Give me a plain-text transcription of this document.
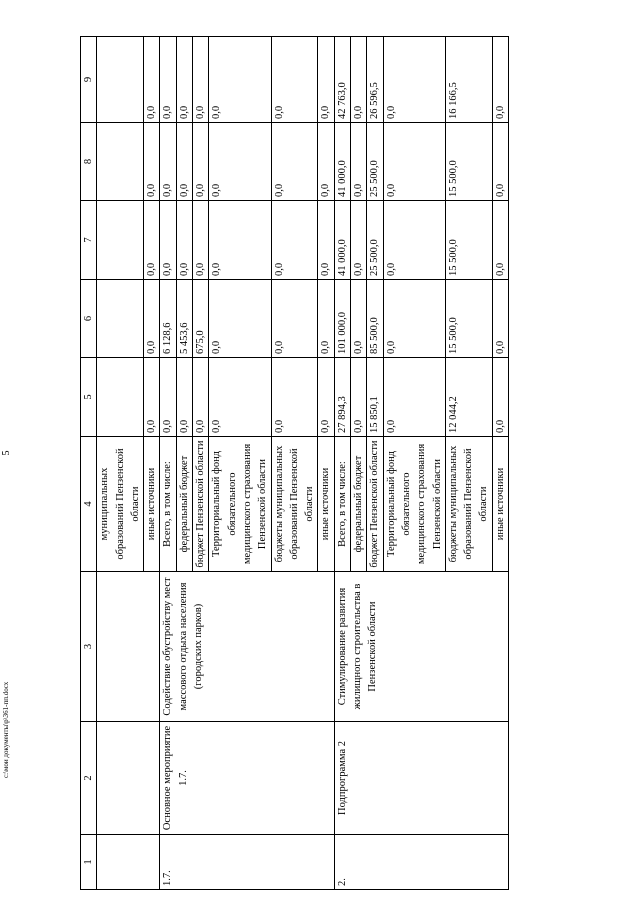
5
c:\мои документы\р\361-пп.docx
1	2	3	4	5	6	7	8	9
			муниципальных образований Пензенской области					
			иные источники	0,0	0,0	0,0	0,0	0,0
1.7.	Основное мероприятие 1.7.	Содействие обустройству мест массового отдыха населения (городских парков)	Всего, в том числе:	0,0	6 128,6	0,0	0,0	0,0
			федеральный бюджет	0,0	5 453,6	0,0	0,0	0,0
			бюджет Пензенской области	0,0	675,0	0,0	0,0	0,0
			Территориальный фонд обязательного медицинского страхования Пензенской области	0,0	0,0	0,0	0,0	0,0
			бюджеты муниципальных образований Пензенской области	0,0	0,0	0,0	0,0	0,0
			иные источники	0,0	0,0	0,0	0,0	0,0
2.	Подпрограмма 2	Стимулирование развития жилищного строительства в Пензенской области	Всего, в том числе:	27 894,3	101 000,0	41 000,0	41 000,0	42 763,0
			федеральный бюджет	0,0	0,0	0,0	0,0	0,0
			бюджет Пензенской области	15 850,1	85 500,0	25 500,0	25 500,0	26 596,5
			Территориальный фонд обязательного медицинского страхования Пензенской области	0,0	0,0	0,0	0,0	0,0
			бюджеты муниципальных образований Пензенской области	12 044,2	15 500,0	15 500,0	15 500,0	16 166,5
			иные источники	0,0	0,0	0,0	0,0	0,0
